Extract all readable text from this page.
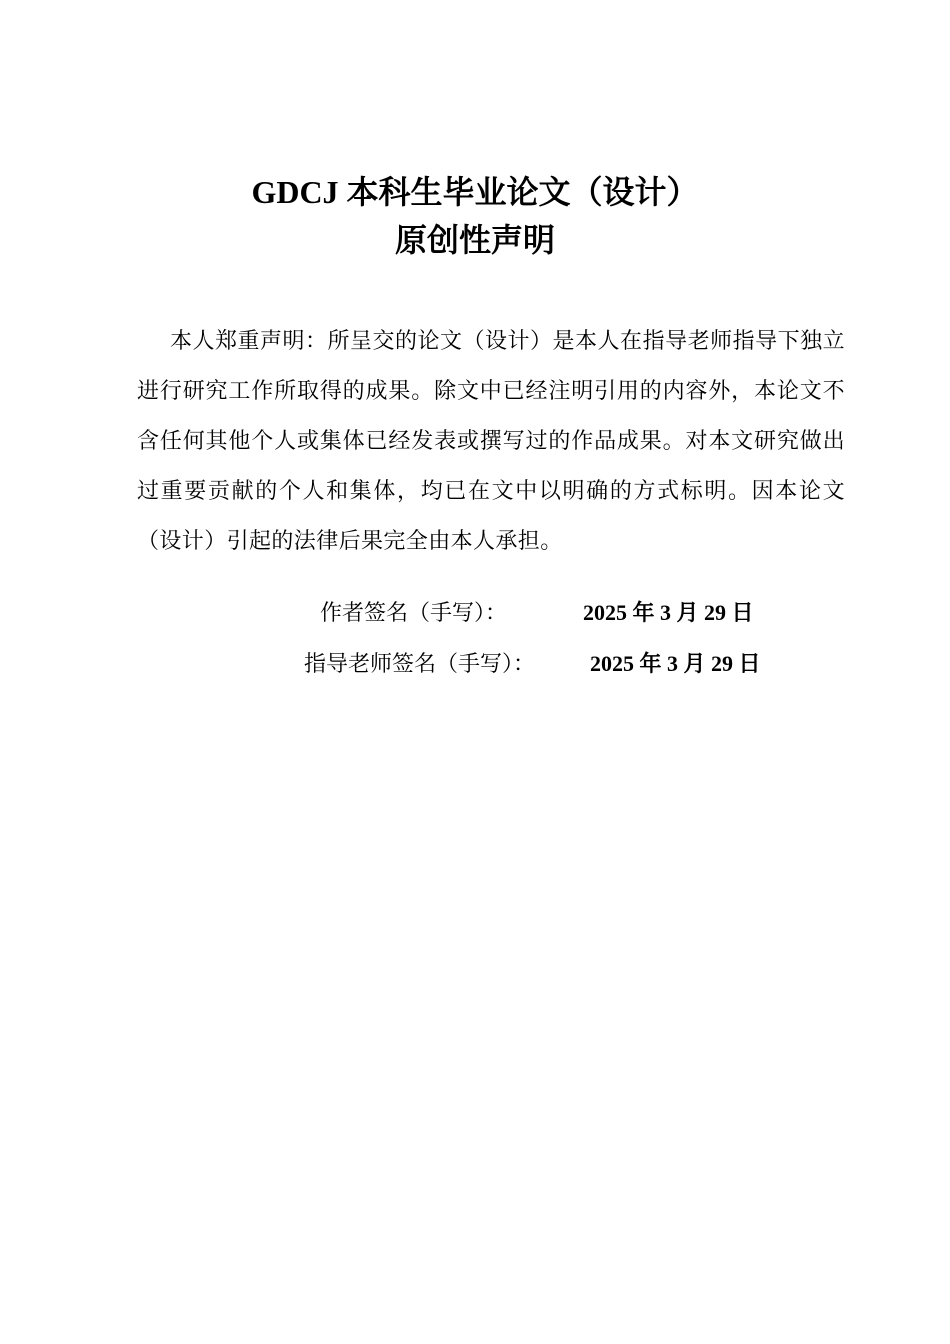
GDCJ 本科生毕业论文（设计）
原创性声明

本人郑重声明：所呈交的论文（设计）是本人在指导老师指导下独立进行研究工作所取得的成果。除文中已经注明引用的内容外，本论文不含任何其他个人或集体已经发表或撰写过的作品成果。对本文研究做出过重要贡献的个人和集体，均已在文中以明确的方式标明。因本论文（设计）引起的法律后果完全由本人承担。

作者签名（手写）：	2025 年 3 月 29 日
指导老师签名（手写）： 2025 年 3 月 29 日
